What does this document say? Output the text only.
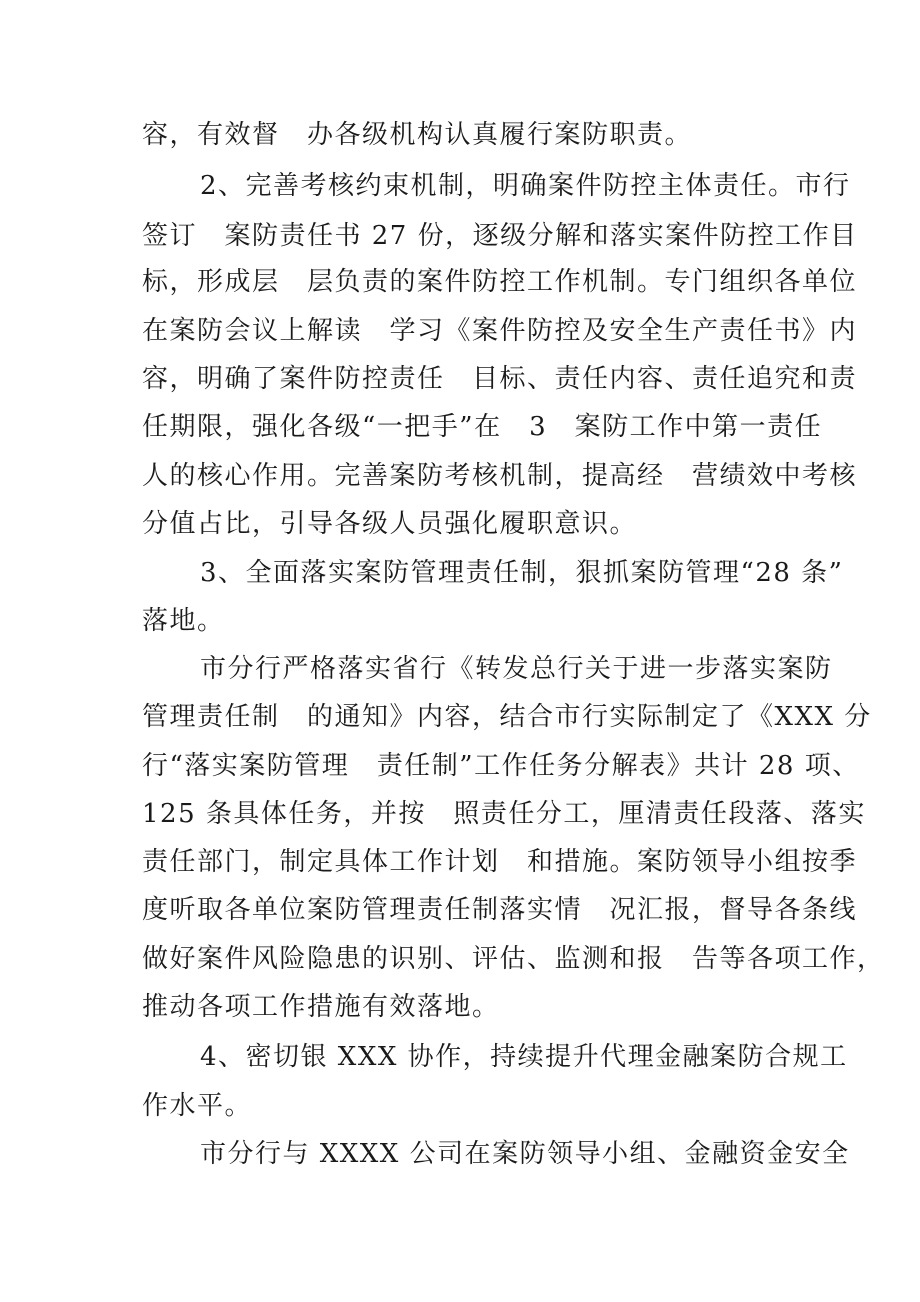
容，有效督　办各级机构认真履行案防职责。
2、完善考核约束机制，明确案件防控主体责任。市行
签订　案防责任书 27 份，逐级分解和落实案件防控工作目
标，形成层　层负责的案件防控工作机制。专门组织各单位
在案防会议上解读　学习《案件防控及安全生产责任书》内
容，明确了案件防控责任　目标、责任内容、责任追究和责
任期限，强化各级“一把手”在　3　案防工作中第一责任
人的核心作用。完善案防考核机制，提高经　营绩效中考核
分值占比，引导各级人员强化履职意识。
3、全面落实案防管理责任制，狠抓案防管理“28 条”
落地。
市分行严格落实省行《转发总行关于进一步落实案防
管理责任制　的通知》内容，结合市行实际制定了《XXX 分
行“落实案防管理　责任制”工作任务分解表》共计 28 项、
125 条具体任务，并按　照责任分工，厘清责任段落、落实
责任部门，制定具体工作计划　和措施。案防领导小组按季
度听取各单位案防管理责任制落实情　况汇报，督导各条线
做好案件风险隐患的识别、评估、监测和报　告等各项工作，
推动各项工作措施有效落地。
4、密切银 XXX 协作，持续提升代理金融案防合规工
作水平。
市分行与 XXXX 公司在案防领导小组、金融资金安全
